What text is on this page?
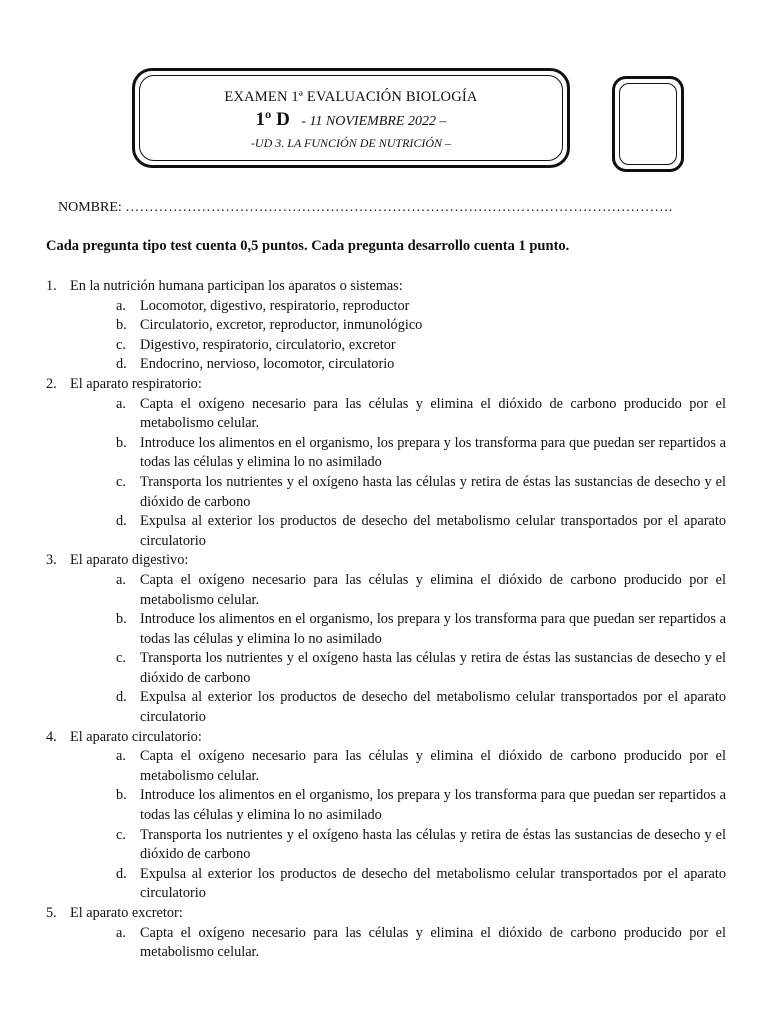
EXAMEN 1ª EVALUACIÓN BIOLOGÍA
1º D - 11 NOVIEMBRE 2022 –
-UD 3. LA FUNCIÓN DE NUTRICIÓN –
NOMBRE: …………………………………………………………………………………………………….
Cada pregunta tipo test cuenta 0,5 puntos. Cada pregunta desarrollo cuenta 1 punto.
1. En la nutrición humana participan los aparatos o sistemas:
a. Locomotor, digestivo, respiratorio, reproductor
b. Circulatorio, excretor, reproductor, inmunológico
c. Digestivo, respiratorio, circulatorio, excretor
d. Endocrino, nervioso, locomotor, circulatorio
2. El aparato respiratorio:
a. Capta el oxígeno necesario para las células y elimina el dióxido de carbono producido por el metabolismo celular.
b. Introduce los alimentos en el organismo, los prepara y los transforma para que puedan ser repartidos a todas las células y elimina lo no asimilado
c. Transporta los nutrientes y el oxígeno hasta las células y retira de éstas las sustancias de desecho y el dióxido de carbono
d. Expulsa al exterior los productos de desecho del metabolismo celular transportados por el aparato circulatorio
3. El aparato digestivo:
a. Capta el oxígeno necesario para las células y elimina el dióxido de carbono producido por el metabolismo celular.
b. Introduce los alimentos en el organismo, los prepara y los transforma para que puedan ser repartidos a todas las células y elimina lo no asimilado
c. Transporta los nutrientes y el oxígeno hasta las células y retira de éstas las sustancias de desecho y el dióxido de carbono
d. Expulsa al exterior los productos de desecho del metabolismo celular transportados por el aparato circulatorio
4. El aparato circulatorio:
a. Capta el oxígeno necesario para las células y elimina el dióxido de carbono producido por el metabolismo celular.
b. Introduce los alimentos en el organismo, los prepara y los transforma para que puedan ser repartidos a todas las células y elimina lo no asimilado
c. Transporta los nutrientes y el oxígeno hasta las células y retira de éstas las sustancias de desecho y el dióxido de carbono
d. Expulsa al exterior los productos de desecho del metabolismo celular transportados por el aparato circulatorio
5. El aparato excretor:
a. Capta el oxígeno necesario para las células y elimina el dióxido de carbono producido por el metabolismo celular.
